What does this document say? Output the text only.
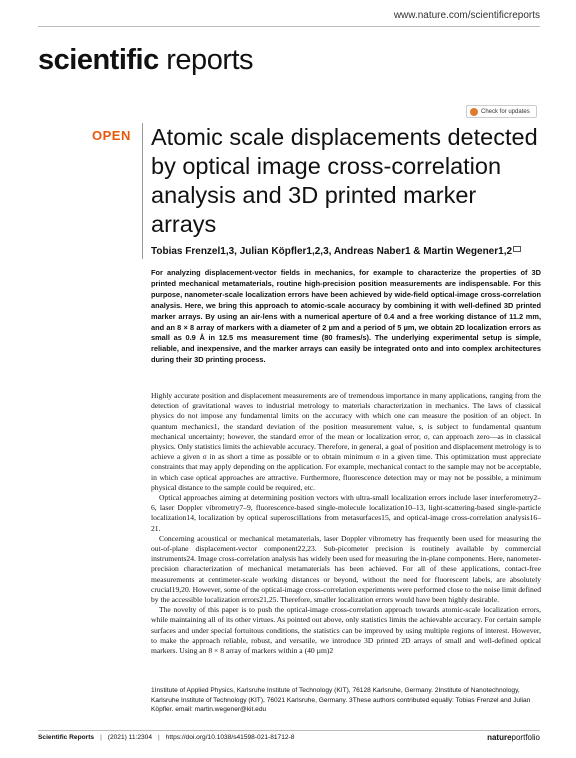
www.nature.com/scientificreports
scientific reports
Check for updates
OPEN Atomic scale displacements detected by optical image cross-correlation analysis and 3D printed marker arrays
Tobias Frenzel1,3, Julian Köpfler1,2,3, Andreas Naber1 & Martin Wegener1,2
For analyzing displacement-vector fields in mechanics, for example to characterize the properties of 3D printed mechanical metamaterials, routine high-precision position measurements are indispensable. For this purpose, nanometer-scale localization errors have been achieved by wide-field optical-image cross-correlation analysis. Here, we bring this approach to atomic-scale accuracy by combining it with well-defined 3D printed marker arrays. By using an air-lens with a numerical aperture of 0.4 and a free working distance of 11.2 mm, and an 8 × 8 array of markers with a diameter of 2 µm and a period of 5 µm, we obtain 2D localization errors as small as 0.9 Å in 12.5 ms measurement time (80 frames/s). The underlying experimental setup is simple, reliable, and inexpensive, and the marker arrays can easily be integrated onto and into complex architectures during their 3D printing process.

Highly accurate position and displacement measurements are of tremendous importance in many applications, ranging from the detection of gravitational waves to industrial metrology to materials characterization in mechanics. The laws of classical physics do not impose any fundamental limits on the accuracy with which one can measure the position of an object. In quantum mechanics1, the standard deviation of the position measurement value, s, is subject to fundamental quantum mechanical uncertainty; however, the standard error of the mean or localization error, σ, can approach zero—as in classical physics. Only statistics limits the achievable accuracy. Therefore, in general, a goal of position and displacement metrology is to achieve a given σ in as short a time as possible or to obtain minimum σ in a given time. This optimization must appreciate constraints that may apply depending on the application. For example, mechanical contact to the sample may not be acceptable, in which case optical approaches are attractive. Furthermore, fluorescence detection may or may not be possible, a minimum physical distance to the sample could be required, etc.

Optical approaches aiming at determining position vectors with ultra-small localization errors include laser interferometry2–6, laser Doppler vibrometry7–9, fluorescence-based single-molecule localization10–13, light-scattering-based single-particle localization14, localization by optical superoscillations from metasurfaces15, and optical-image cross-correlation analysis16–21.

Concerning acoustical or mechanical metamaterials, laser Doppler vibrometry has frequently been used for measuring the out-of-plane displacement-vector component22,23. Sub-picometer precision is routinely available by commercial instruments24. Image cross-correlation analysis has widely been used for measuring the in-plane components. Here, nanometer-precision characterization of mechanical metamaterials has been achieved. For all of these applications, contact-free measurements at centimeter-scale working distances or beyond, without the need for fluorescent labels, are absolutely crucial19,20. However, some of the optical-image cross-correlation experiments were performed close to the noise limit defined by the accessible localization errors21,25. Therefore, smaller localization errors would have been highly desirable.

The novelty of this paper is to push the optical-image cross-correlation approach towards atomic-scale localization errors, while maintaining all of its other virtues. As pointed out above, only statistics limits the achievable accuracy. For certain sample surfaces and under special fortuitous conditions, the statistics can be improved by using multiple regions of interest. However, to make the approach reliable, robust, and versatile, we introduce 3D printed 2D arrays of small and well-defined optical markers. Using an 8 × 8 array of markers within a (40 µm)2

1Institute of Applied Physics, Karlsruhe Institute of Technology (KIT), 76128 Karlsruhe, Germany. 2Institute of Nanotechnology, Karlsruhe Institute of Technology (KIT), 76021 Karlsruhe, Germany. 3These authors contributed equally: Tobias Frenzel and Julian Köpfler. email: martin.wegener@kit.edu
Scientific Reports | (2021) 11:2304 | https://doi.org/10.1038/s41598-021-81712-8	natureportfolio
